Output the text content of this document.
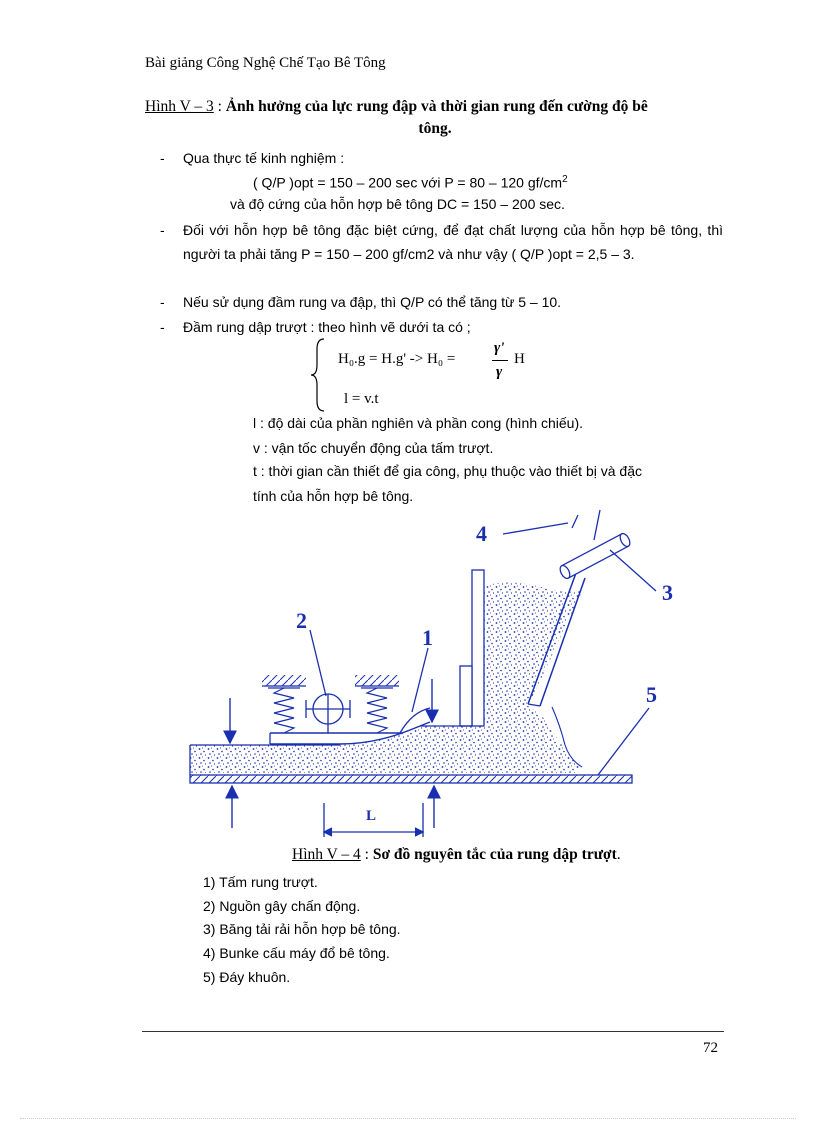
Bài giảng Công Nghệ Chế Tạo Bê Tông
Hình V – 3 : Ảnh hưởng của lực rung đập và thời gian rung đến cường độ bê
tông.
- Qua thực tế kinh nghiệm :
( Q/P )opt = 150 – 200 sec với P = 80 – 120 $gf/cm^2$
và độ cứng của hỗn hợp bê tông DC = 150 – 200 sec.
- Đối với hỗn hợp bê tông đặc biệt cứng, để đạt chất lượng của hỗn hợp bê tông, thì người ta phải tăng P = 150 – 200 gf/cm2 và như vậy ( Q/P )opt = 2,5 – 3.
- Nếu sử dụng đầm rung va đập, thì Q/P có thể tăng từ 5 – 10.
- Đầm rung dập trượt : theo hình vẽ dưới ta có ;
H₀.g = H.g' -> H₀ =
γ'
γ
H
l = v.t
l : độ dài của phần nghiên và phần cong (hình chiếu).
v : vận tốc chuyển động của tấm trượt.
t : thời gian cần thiết để gia công, phụ thuộc vào thiết bị và đặc
tính của hỗn hợp bê tông.
4
3
2
1
5
L
Hình V – 4 : Sơ đồ nguyên tắc của rung dập trượt.
1) Tấm rung trượt.
2) Nguồn gây chấn động.
3) Băng tải rải hỗn hợp bê tông.
4) Bunke cấu máy đổ bê tông.
5) Đáy khuôn.
72
